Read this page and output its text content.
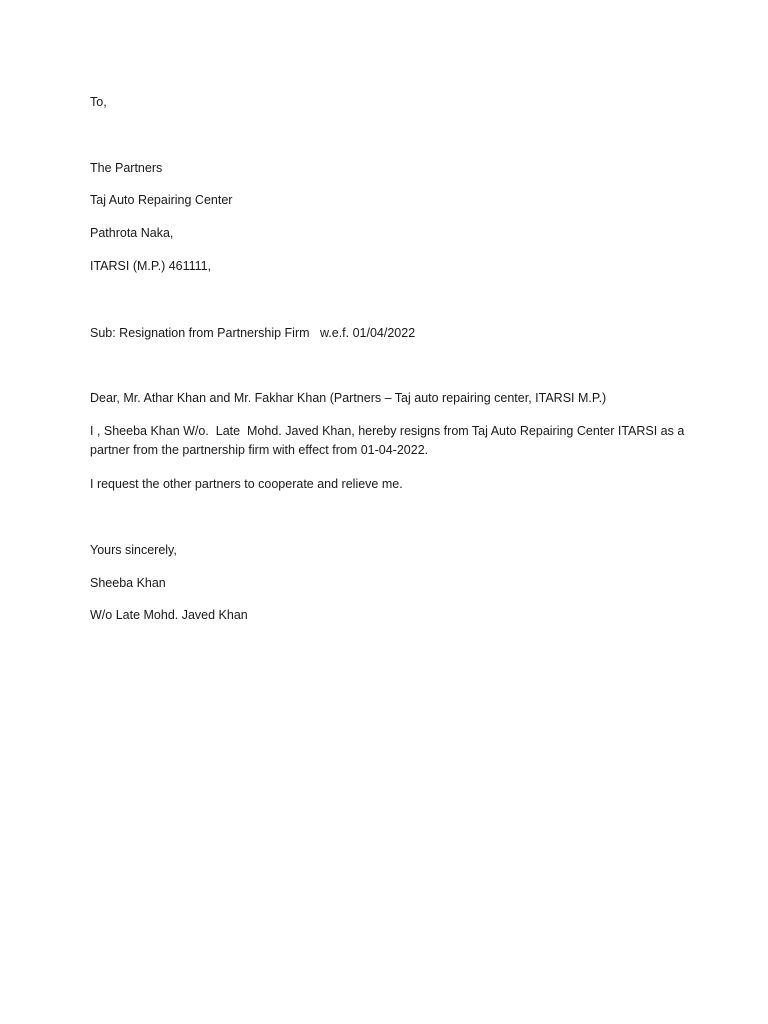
To,
The Partners
Taj Auto Repairing Center
Pathrota Naka,
ITARSI (M.P.) 461111,
Sub: Resignation from Partnership Firm   w.e.f. 01/04/2022
Dear, Mr. Athar Khan and Mr. Fakhar Khan (Partners – Taj auto repairing center, ITARSI M.P.)
I , Sheeba Khan W/o.  Late  Mohd. Javed Khan, hereby resigns from Taj Auto Repairing Center ITARSI as a
partner from the partnership firm with effect from 01-04-2022.
I request the other partners to cooperate and relieve me.
Yours sincerely,
Sheeba Khan
W/o Late Mohd. Javed Khan
